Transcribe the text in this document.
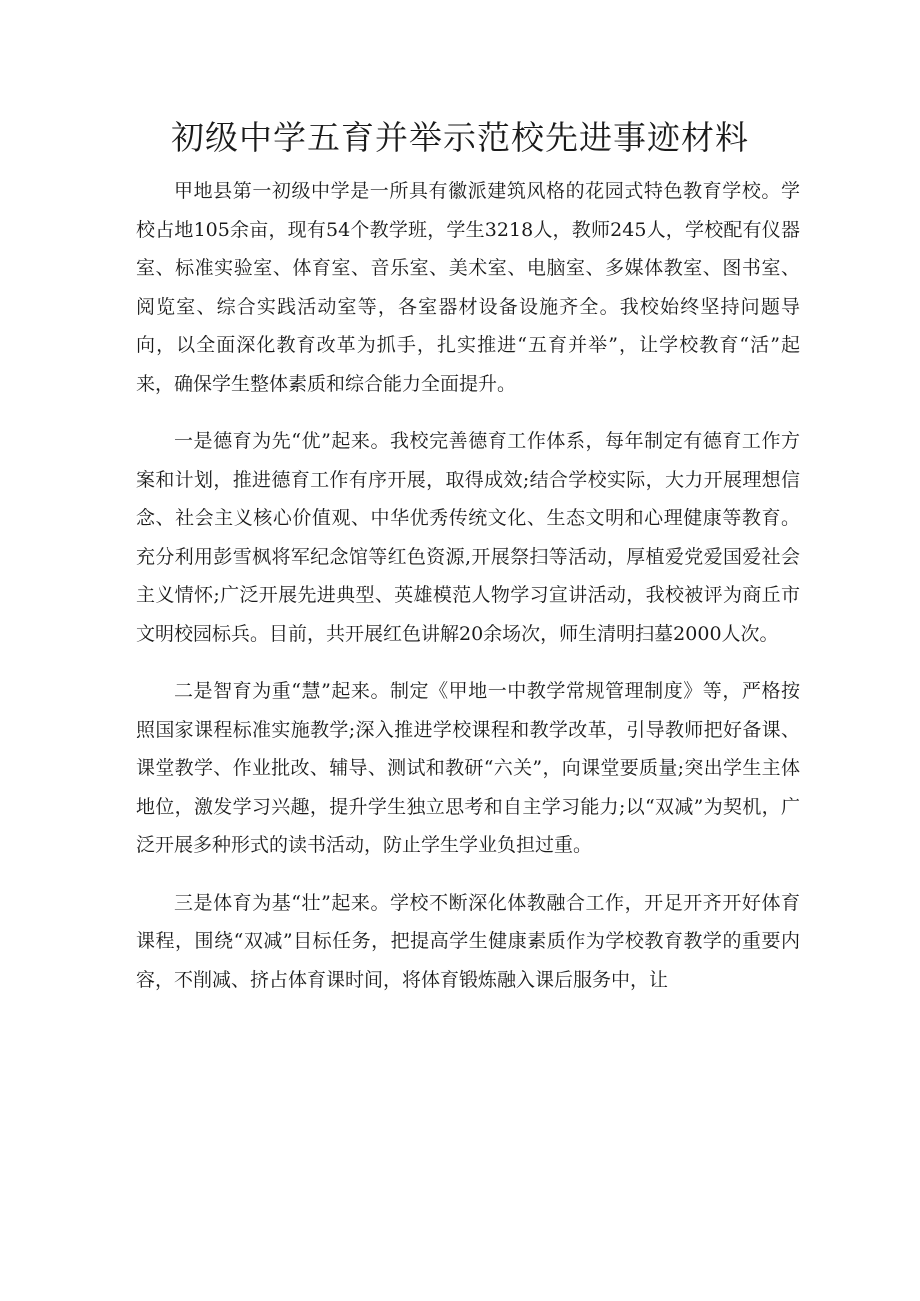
初级中学五育并举示范校先进事迹材料

甲地县第一初级中学是一所具有徽派建筑风格的花园式特色教育学校。学校占地105余亩，现有54个教学班，学生3218人，教师245人，学校配有仪器室、标准实验室、体育室、音乐室、美术室、电脑室、多媒体教室、图书室、阅览室、综合实践活动室等，各室器材设备设施齐全。我校始终坚持问题导向，以全面深化教育改革为抓手，扎实推进“五育并举”，让学校教育“活”起来，确保学生整体素质和综合能力全面提升。

一是德育为先“优”起来。我校完善德育工作体系，每年制定有德育工作方案和计划，推进德育工作有序开展，取得成效;结合学校实际，大力开展理想信念、社会主义核心价值观、中华优秀传统文化、生态文明和心理健康等教育。充分利用彭雪枫将军纪念馆等红色资源,开展祭扫等活动，厚植爱党爱国爱社会主义情怀;广泛开展先进典型、英雄模范人物学习宣讲活动，我校被评为商丘市文明校园标兵。目前，共开展红色讲解20余场次，师生清明扫墓2000人次。

二是智育为重“慧”起来。制定《甲地一中教学常规管理制度》等，严格按照国家课程标准实施教学;深入推进学校课程和教学改革，引导教师把好备课、课堂教学、作业批改、辅导、测试和教研“六关”，向课堂要质量;突出学生主体地位，激发学习兴趣，提升学生独立思考和自主学习能力;以“双减”为契机，广泛开展多种形式的读书活动，防止学生学业负担过重。

三是体育为基“壮”起来。学校不断深化体教融合工作，开足开齐开好体育课程，围绕“双减”目标任务，把提高学生健康素质作为学校教育教学的重要内容，不削减、挤占体育课时间，将体育锻炼融入课后服务中，让
